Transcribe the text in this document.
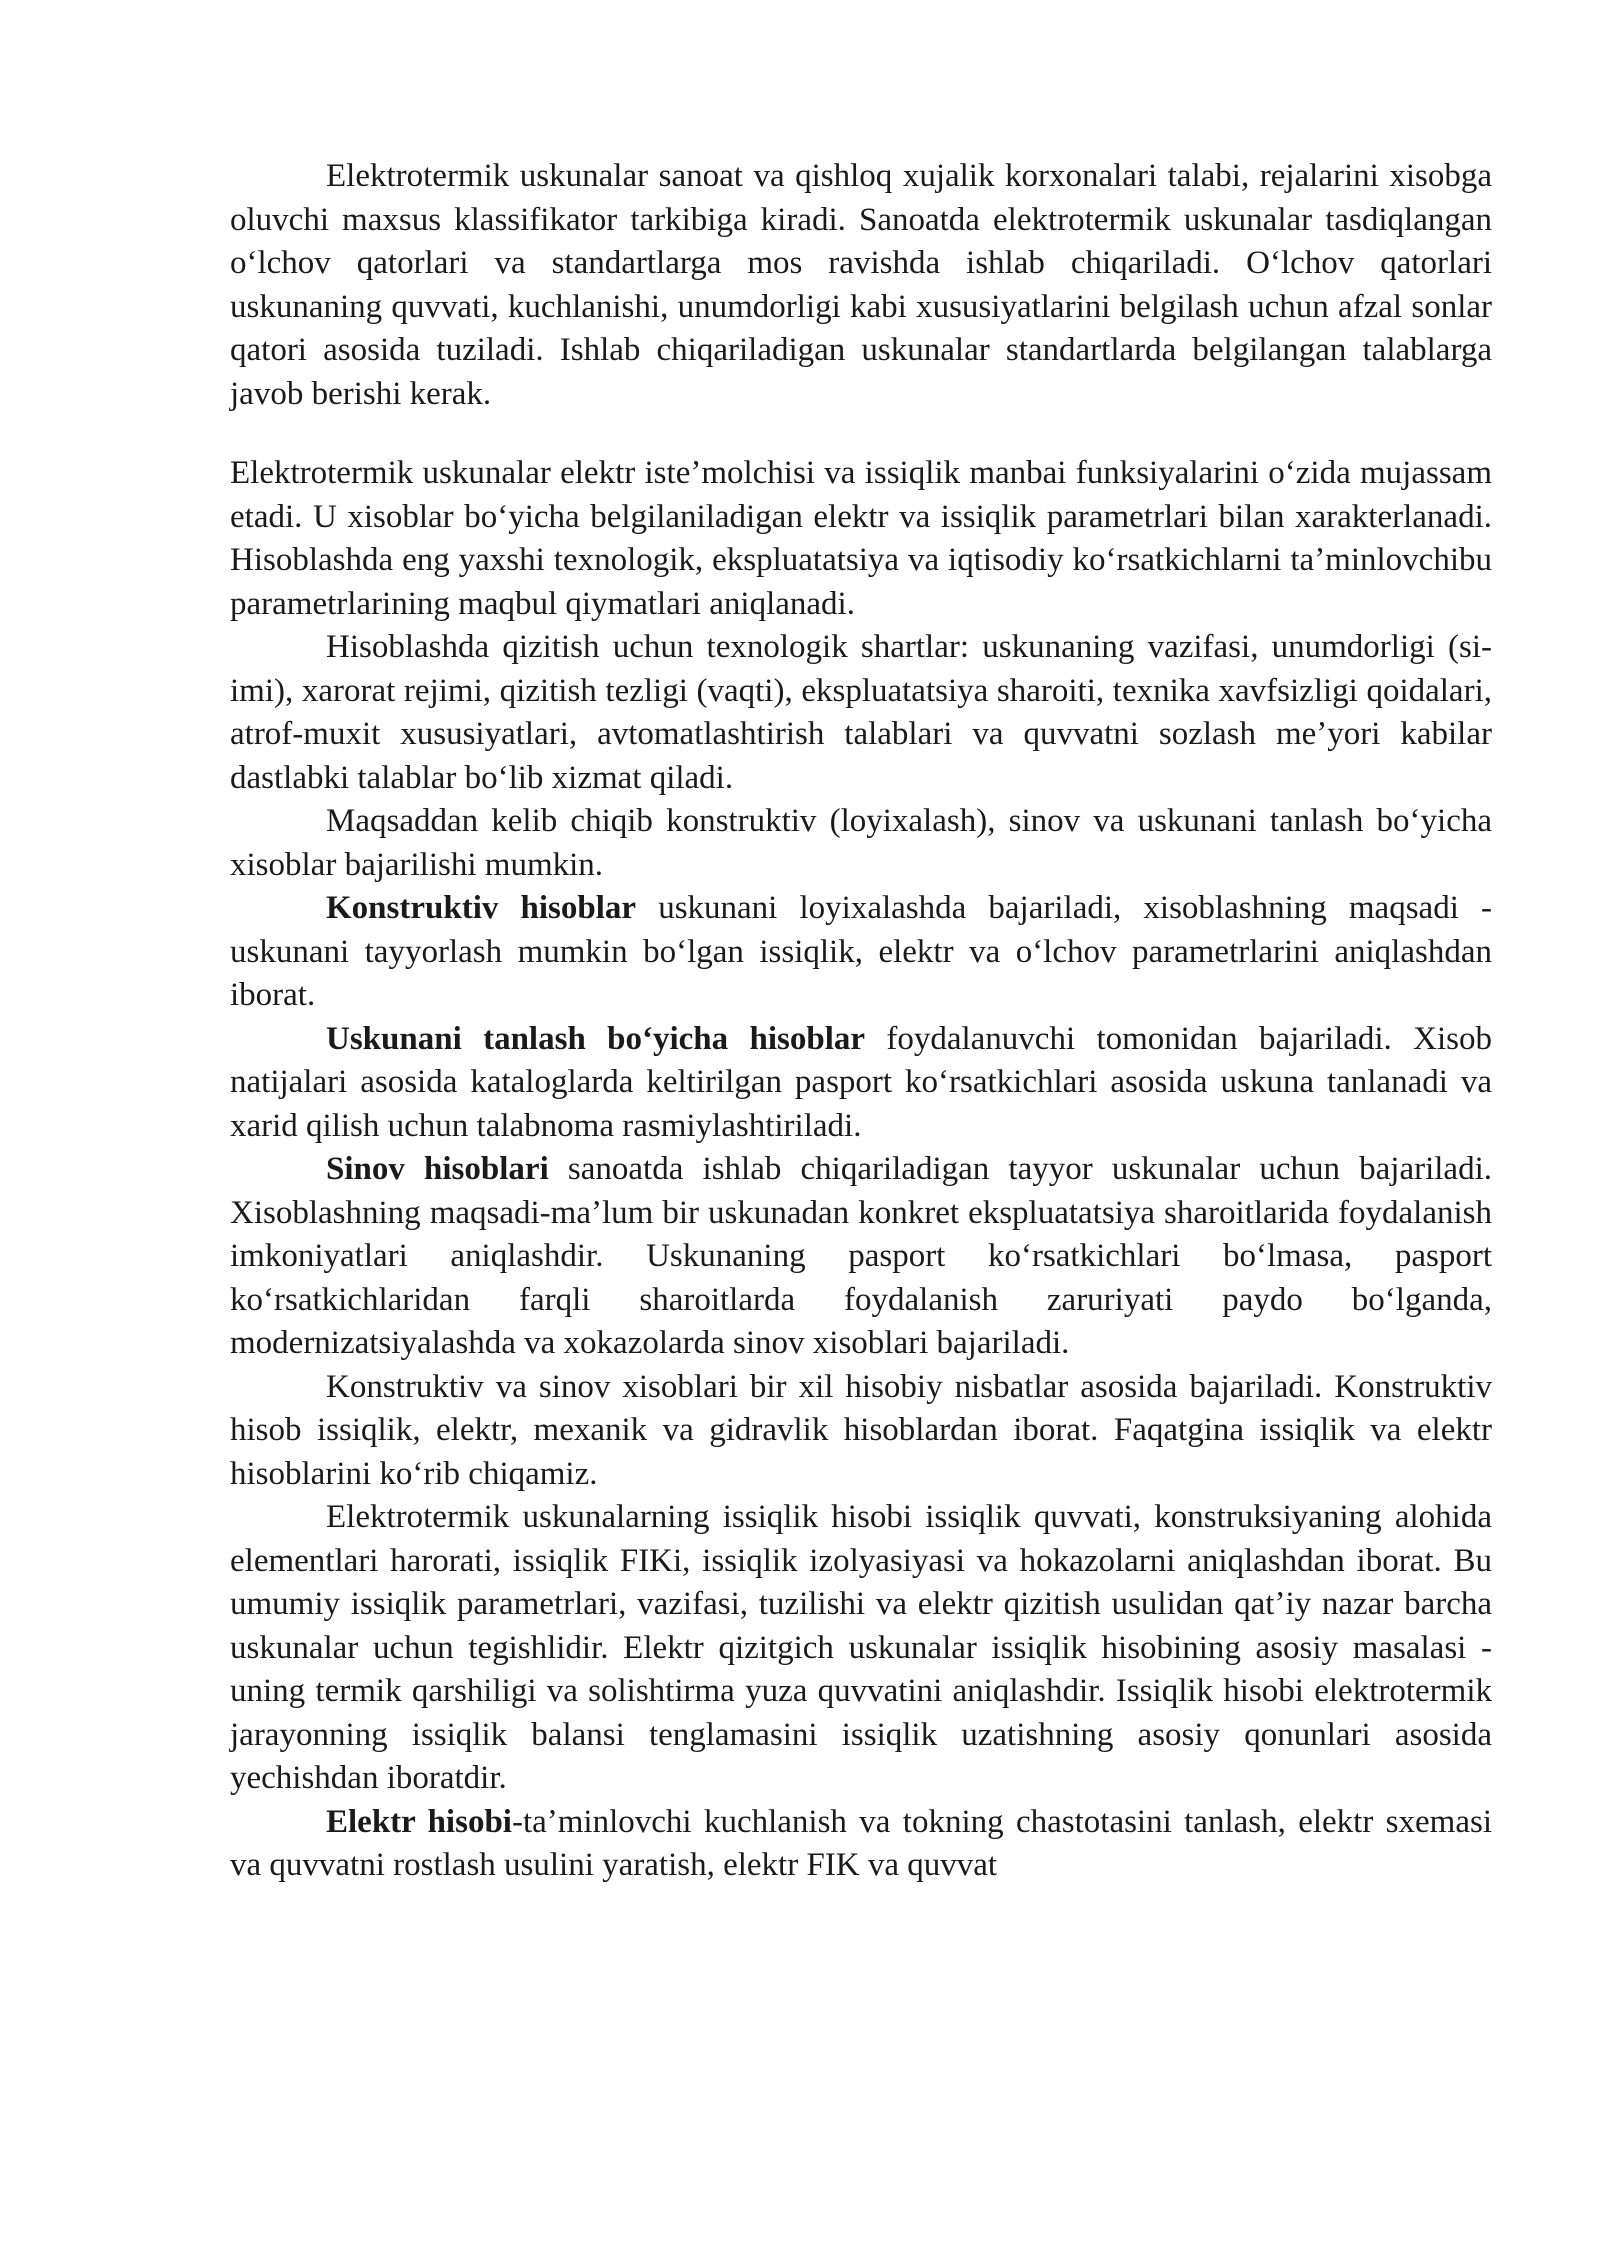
Elektrotermik uskunalar sanoat va qishloq xujalik korxonalari talabi, rejalarini xisobga oluvchi maxsus klassifikator tarkibiga kiradi. Sanoatda elektrotermik uskunalar tasdiqlangan oʻlchov qatorlari va standartlarga mos ravishda ishlab chiqariladi. Oʻlchov qatorlari uskunaning quvvati, kuchlanishi, unumdorligi kabi xususiyatlarini belgilash uchun afzal sonlar qatori asosida tuziladi. Ishlab chiqariladigan uskunalar standartlarda belgilangan talablarga javob berishi kerak.

Elektrotermik uskunalar elektr isteʼmolchisi va issiqlik manbai funksiyalarini oʻzida mujassam etadi. U xisoblar boʻyicha belgilaniladigan elektr va issiqlik parametrlari bilan xarakterlanadi. Hisoblashda eng yaxshi texnologik, ekspluatatsiya va iqtisodiy koʻrsatkichlarni taʼminlovchibu parametrlarining maqbul qiymatlari aniqlanadi.

Hisoblashda qizitish uchun texnologik shartlar: uskunaning vazifasi, unumdorligi (si-imi), xarorat rejimi, qizitish tezligi (vaqti), ekspluatatsiya sharoiti, texnika xavfsizligi qoidalari, atrof-muxit xususiyatlari, avtomatlashtirish talablari va quvvatni sozlash meʼyori kabilar dastlabki talablar boʻlib xizmat qiladi.

Maqsaddan kelib chiqib konstruktiv (loyixalash), sinov va uskunani tanlash boʻyicha xisoblar bajarilishi mumkin.

Konstruktiv hisoblar uskunani loyixalashda bajariladi, xisoblashning maqsadi - uskunani tayyorlash mumkin boʻlgan issiqlik, elektr va oʻlchov parametrlarini aniqlashdan iborat.

Uskunani tanlash boʻyicha hisoblar foydalanuvchi tomonidan bajariladi. Xisob natijalari asosida kataloglarda keltirilgan pasport koʻrsatkichlari asosida uskuna tanlanadi va xarid qilish uchun talabnoma rasmiylashtiriladi.

Sinov hisoblari sanoatda ishlab chiqariladigan tayyor uskunalar uchun bajariladi. Xisoblashning maqsadi-maʼlum bir uskunadan konkret ekspluatatsiya sharoitlarida foydalanish imkoniyatlari aniqlashdir. Uskunaning pasport koʻrsatkichlari boʻlmasa, pasport koʻrsatkichlaridan farqli sharoitlarda foydalanish zaruriyati paydo boʻlganda, modernizatsiyalashda va xokazolarda sinov xisoblari bajariladi.

Konstruktiv va sinov xisoblari bir xil hisobiy nisbatlar asosida bajariladi. Konstruktiv hisob issiqlik, elektr, mexanik va gidravlik hisoblardan iborat. Faqatgina issiqlik va elektr hisoblarini koʻrib chiqamiz.

Elektrotermik uskunalarning issiqlik hisobi issiqlik quvvati, konstruksiyaning alohida elementlari harorati, issiqlik FIKi, issiqlik izolyasiyasi va hokazolarni aniqlashdan iborat. Bu umumiy issiqlik parametrlari, vazifasi, tuzilishi va elektr qizitish usulidan qatʼiy nazar barcha uskunalar uchun tegishlidir. Elektr qizitgich uskunalar issiqlik hisobining asosiy masalasi -uning termik qarshiligi va solishtirma yuza quvvatini aniqlashdir. Issiqlik hisobi elektrotermik jarayonning issiqlik balansi tenglamasini issiqlik uzatishning asosiy qonunlari asosida yechishdan iboratdir.

Elektr hisobi-taʼminlovchi kuchlanish va tokning chastotasini tanlash, elektr sxemasi va quvvatni rostlash usulini yaratish, elektr FIK va quvvat
